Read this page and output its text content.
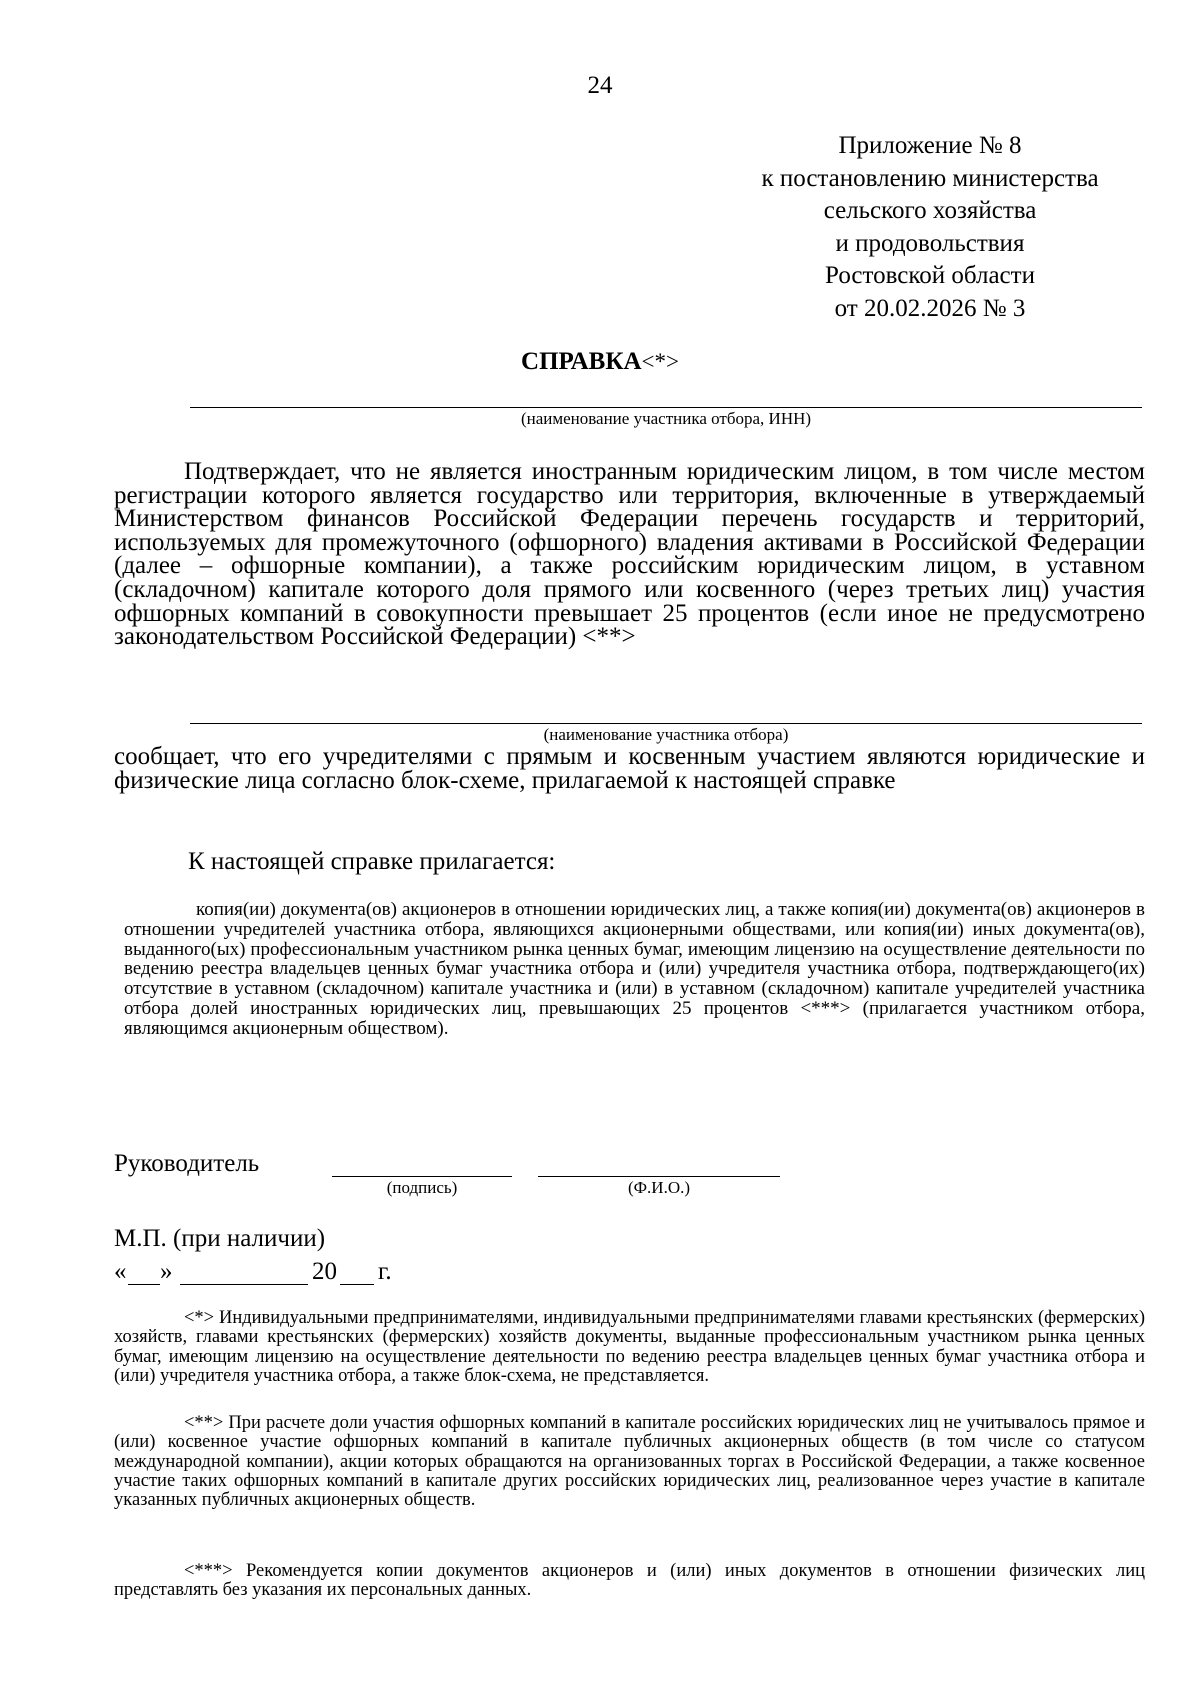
24
Приложение № 8
к постановлению министерства
сельского хозяйства
и продовольствия
Ростовской области
от 20.02.2026 № 3
СПРАВКА<*>
(наименование участника отбора, ИНН)
Подтверждает, что не является иностранным юридическим лицом, в том числе местом регистрации которого является государство или территория, включенные в утверждаемый Министерством финансов Российской Федерации перечень государств и территорий, используемых для промежуточного (офшорного) владения активами в Российской Федерации (далее – офшорные компании), а также российским юридическим лицом, в уставном (складочном) капитале которого доля прямого или косвенного (через третьих лиц) участия офшорных компаний в совокупности превышает 25 процентов (если иное не предусмотрено законодательством Российской Федерации) <**>
(наименование участника отбора)
сообщает, что его учредителями с прямым и косвенным участием являются юридические и физические лица согласно блок-схеме, прилагаемой к настоящей справке
К настоящей справке прилагается:
копия(ии) документа(ов) акционеров в отношении юридических лиц, а также копия(ии) документа(ов) акционеров в отношении учредителей участника отбора, являющихся акционерными обществами, или копия(ии) иных документа(ов), выданного(ых) профессиональным участником рынка ценных бумаг, имеющим лицензию на осуществление деятельности по ведению реестра владельцев ценных бумаг участника отбора и (или) учредителя участника отбора, подтверждающего(их) отсутствие в уставном (складочном) капитале участника и (или) в уставном (складочном) капитале учредителей участника отбора долей иностранных юридических лиц, превышающих 25 процентов <***> (прилагается участником отбора, являющимся акционерным обществом).
Руководитель
(подпись)	(Ф.И.О.)
М.П. (при наличии)
« »	20 г.
<*> Индивидуальными предпринимателями, индивидуальными предпринимателями главами крестьянских (фермерских) хозяйств, главами крестьянских (фермерских) хозяйств документы, выданные профессиональным участником рынка ценных бумаг, имеющим лицензию на осуществление деятельности по ведению реестра владельцев ценных бумаг участника отбора и (или) учредителя участника отбора, а также блок-схема, не представляется.
<**> При расчете доли участия офшорных компаний в капитале российских юридических лиц не учитывалось прямое и (или) косвенное участие офшорных компаний в капитале публичных акционерных обществ (в том числе со статусом международной компании), акции которых обращаются на организованных торгах в Российской Федерации, а также косвенное участие таких офшорных компаний в капитале других российских юридических лиц, реализованное через участие в капитале указанных публичных акционерных обществ.
<***> Рекомендуется копии документов акционеров и (или) иных документов в отношении физических лиц представлять без указания их персональных данных.
